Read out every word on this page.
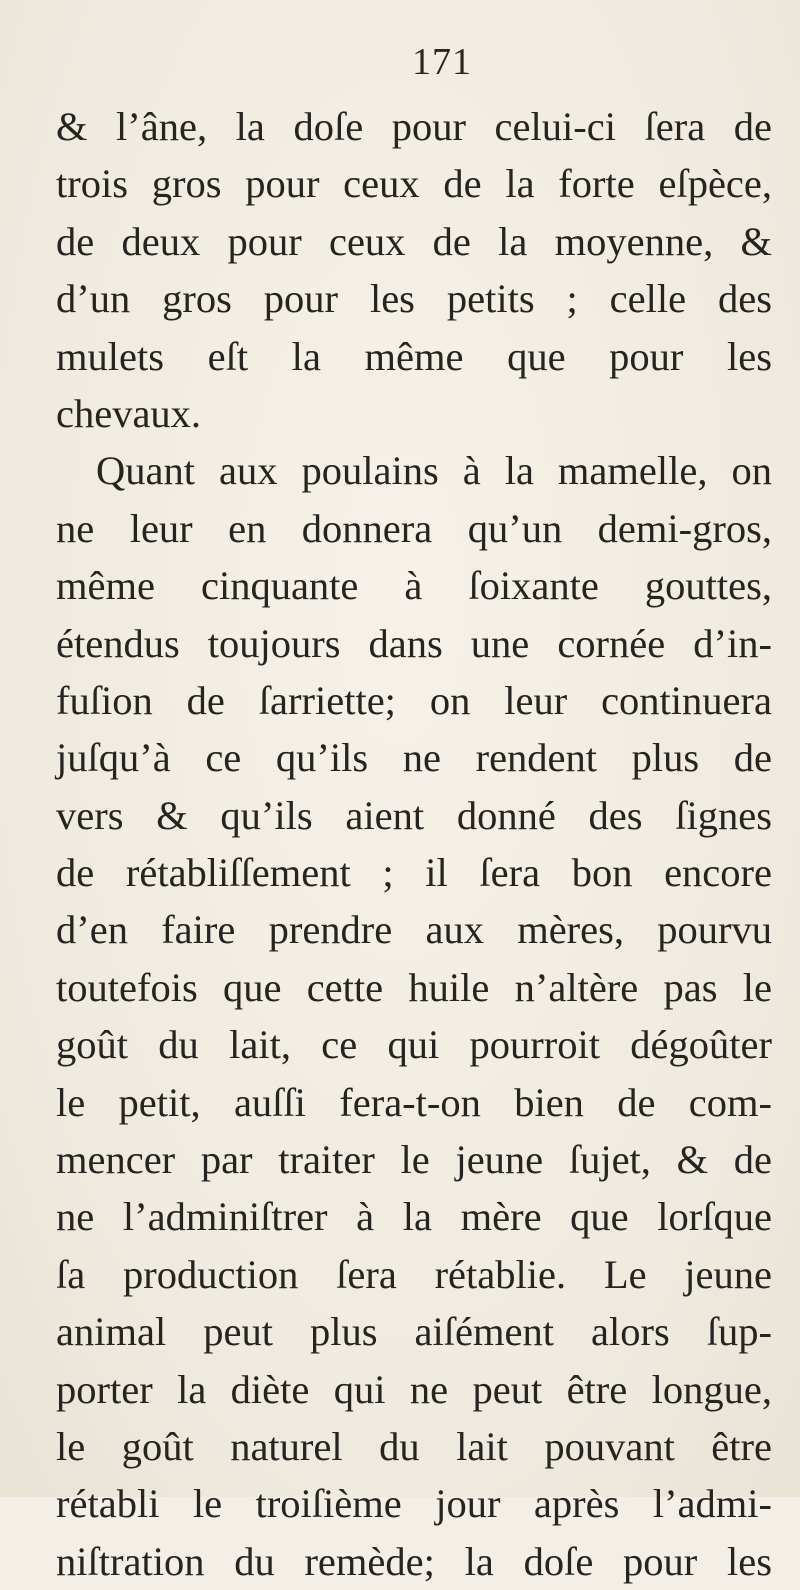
171
& l’âne, la doſe pour celui-ci ſera de
trois gros pour ceux de la forte eſpèce,
de deux pour ceux de la moyenne, &
d’un gros pour les petits ; celle des
mulets eſt la même que pour les
chevaux.
Quant aux poulains à la mamelle, on
ne leur en donnera qu’un demi-gros,
même cinquante à ſoixante gouttes,
étendus toujours dans une cornée d’in-
fuſion de ſarriette; on leur continuera
juſqu’à ce qu’ils ne rendent plus de
vers & qu’ils aient donné des ſignes
de rétabliſſement ; il ſera bon encore
d’en faire prendre aux mères, pourvu
toutefois que cette huile n’altère pas le
goût du lait, ce qui pourroit dégoûter
le petit, auſſi fera-t-on bien de com-
mencer par traiter le jeune ſujet, & de
ne l’adminiſtrer à la mère que lorſque
ſa production ſera rétablie. Le jeune
animal peut plus aiſément alors ſup-
porter la diète qui ne peut être longue,
le goût naturel du lait pouvant être
rétabli le troiſième jour après l’admi-
niſtration du remède; la doſe pour les
